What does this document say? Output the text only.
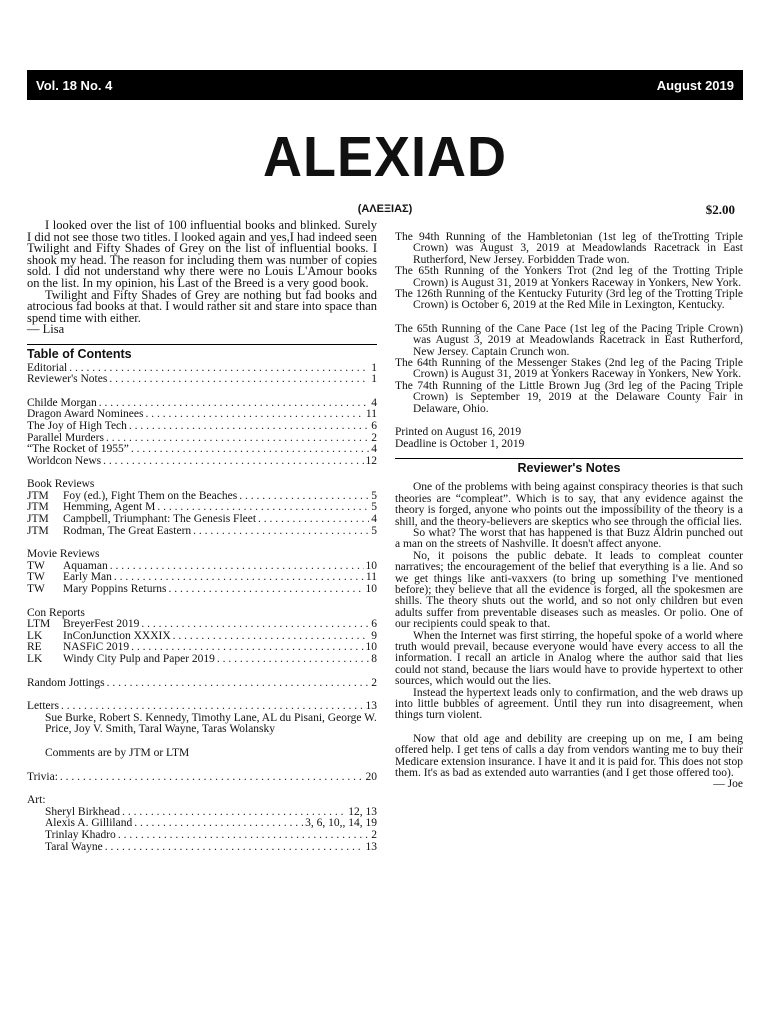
Vol. 18 No. 4	August 2019
ALEXIAD
(ΑΛΕΞΙΑΣ)	$2.00

I looked over the list of 100 influential books and blinked. Surely I did not see those two titles. I looked again and yes,I had indeed seen Twilight and Fifty Shades of Grey on the list of influential books. I shook my head. The reason for including them was number of copies sold. I did not understand why there were no Louis L'Amour books on the list. In my opinion, his Last of the Breed is a very good book.

Twilight and Fifty Shades of Grey are nothing but fad books and atrocious fad books at that. I would rather sit and stare into space than spend time with either.

— Lisa

Table of Contents
Editorial . . .	1
Reviewer's Notes . . .	1
Childe Morgan . . .	4
Dragon Award Nominees . . .	11
The Joy of High Tech . . .	6
Parallel Murders . . .	2
“The Rocket of 1955” . . .	4
Worldcon News . . .	12
Book Reviews
JTM Foy (ed.), Fight Them on the Beaches . . .	5
JTM Hemming, Agent M . . .	5
JTM Campbell, Triumphant: The Genesis Fleet . . .	4
JTM Rodman, The Great Eastern . . .	5
Movie Reviews
TW Aquaman . . .	10
TW Early Man . . .	11
TW Mary Poppins Returns . . .	10
Con Reports
LTM BreyerFest 2019 . . .	6
LK InConJunction XXXIX . . .	9
RE NASFiC 2019 . . .	10
LK Windy City Pulp and Paper 2019 . . .	8
Random Jottings . . .	2
Letters . . .	13
Sue Burke, Robert S. Kennedy, Timothy Lane, AL du Pisani, George W. Price, Joy V. Smith, Taral Wayne, Taras Wolansky
Comments are by JTM or LTM
Trivia: . . .	20
Art:
Sheryl Birkhead . . .	12, 13
Alexis A. Gilliland . . .	3, 6, 10,, 14, 19
Trinlay Khadro . . .	2
Taral Wayne . . .	13

The 94th Running of the Hambletonian (1st leg of theTrotting Triple Crown) was August 3, 2019 at Meadowlands Racetrack in East Rutherford, New Jersey. Forbidden Trade won.

The 65th Running of the Yonkers Trot (2nd leg of the Trotting Triple Crown) is August 31, 2019 at Yonkers Raceway in Yonkers, New York.

The 126th Running of the Kentucky Futurity (3rd leg of the Trotting Triple Crown) is October 6, 2019 at the Red Mile in Lexington, Kentucky.

The 65th Running of the Cane Pace (1st leg of the Pacing Triple Crown) was August 3, 2019 at Meadowlands Racetrack in East Rutherford, New Jersey. Captain Crunch won.

The 64th Running of the Messenger Stakes (2nd leg of the Pacing Triple Crown) is August 31, 2019 at Yonkers Raceway in Yonkers, New York.

The 74th Running of the Little Brown Jug (3rd leg of the Pacing Triple Crown) is September 19, 2019 at the Delaware County Fair in Delaware, Ohio.

Printed on August 16, 2019

Deadline is October 1, 2019

Reviewer's Notes

One of the problems with being against conspiracy theories is that such theories are “compleat”. Which is to say, that any evidence against the theory is forged, anyone who points out the impossibility of the theory is a shill, and the theory-believers are skeptics who see through the official lies.

So what? The worst that has happened is that Buzz Aldrin punched out a man on the streets of Nashville. It doesn't affect anyone.

No, it poisons the public debate. It leads to compleat counter narratives; the encouragement of the belief that everything is a lie. And so we get things like anti-vaxxers (to bring up something I've mentioned before); they believe that all the evidence is forged, all the spokesmen are shills. The theory shuts out the world, and so not only children but even adults suffer from preventable diseases such as measles. Or polio. One of our recipients could speak to that.

When the Internet was first stirring, the hopeful spoke of a world where truth would prevail, because everyone would have every access to all the information. I recall an article in Analog where the author said that lies could not stand, because the liars would have to provide hypertext to other sources, which would out the lies.

Instead the hypertext leads only to confirmation, and the web draws up into little bubbles of agreement. Until they run into disagreement, when things turn violent.

Now that old age and debility are creeping up on me, I am being offered help. I get tens of calls a day from vendors wanting me to buy their Medicare extension insurance. I have it and it is paid for. This does not stop them. It's as bad as extended auto warranties (and I get those offered too).

— Joe
